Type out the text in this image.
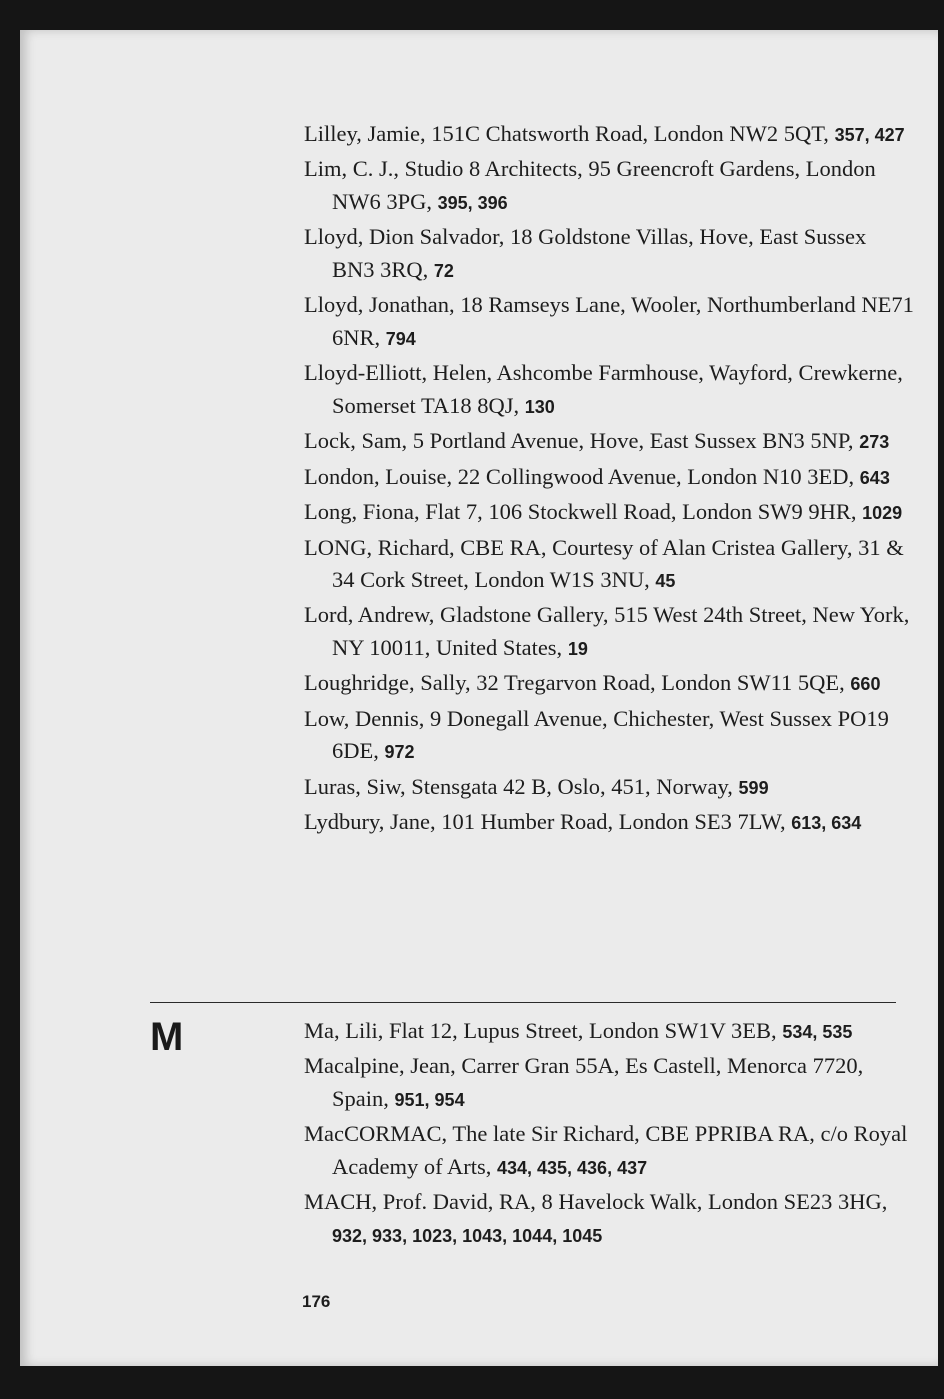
Lilley, Jamie, 151C Chatsworth Road, London NW2 5QT, 357, 427
Lim, C. J., Studio 8 Architects, 95 Greencroft Gardens, London NW6 3PG, 395, 396
Lloyd, Dion Salvador, 18 Goldstone Villas, Hove, East Sussex BN3 3RQ, 72
Lloyd, Jonathan, 18 Ramseys Lane, Wooler, Northumberland NE71 6NR, 794
Lloyd-Elliott, Helen, Ashcombe Farmhouse, Wayford, Crewkerne, Somerset TA18 8QJ, 130
Lock, Sam, 5 Portland Avenue, Hove, East Sussex BN3 5NP, 273
London, Louise, 22 Collingwood Avenue, London N10 3ED, 643
Long, Fiona, Flat 7, 106 Stockwell Road, London SW9 9HR, 1029
LONG, Richard, CBE RA, Courtesy of Alan Cristea Gallery, 31 & 34 Cork Street, London W1S 3NU, 45
Lord, Andrew, Gladstone Gallery, 515 West 24th Street, New York, NY 10011, United States, 19
Loughridge, Sally, 32 Tregarvon Road, London SW11 5QE, 660
Low, Dennis, 9 Donegall Avenue, Chichester, West Sussex PO19 6DE, 972
Luras, Siw, Stensgata 42 B, Oslo, 451, Norway, 599
Lydbury, Jane, 101 Humber Road, London SE3 7LW, 613, 634
M	Ma, Lili, Flat 12, Lupus Street, London SW1V 3EB, 534, 535
Macalpine, Jean, Carrer Gran 55A, Es Castell, Menorca 7720, Spain, 951, 954
MacCORMAC, The late Sir Richard, CBE PPRIBA RA, c/o Royal Academy of Arts, 434, 435, 436, 437
MACH, Prof. David, RA, 8 Havelock Walk, London SE23 3HG, 932, 933, 1023, 1043, 1044, 1045
176
